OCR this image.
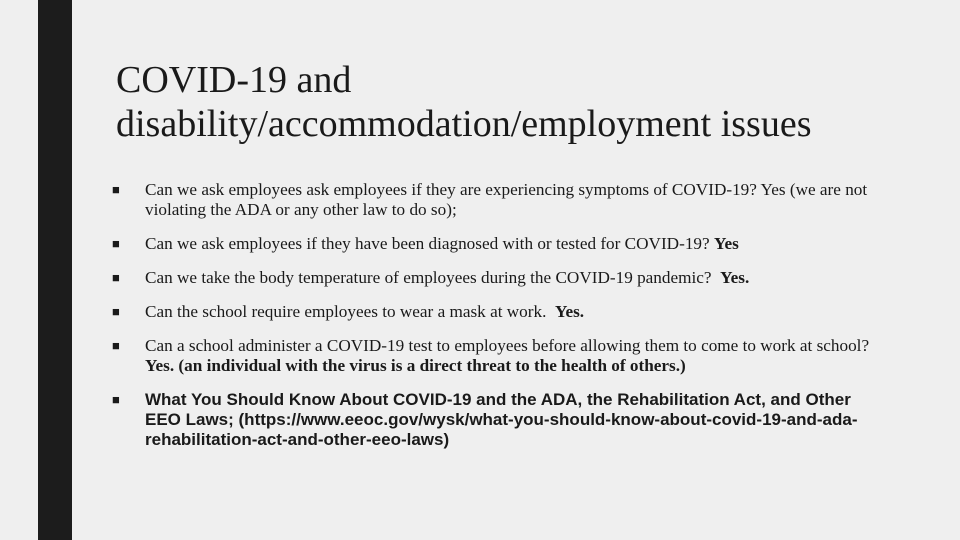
COVID-19 and
disability/accommodation/employment issues
■ Can we ask employees ask employees if they are experiencing symptoms of COVID-19? Yes (we are not violating the ADA or any other law to do so);
■ Can we ask employees if they have been diagnosed with or tested for COVID-19? Yes
■ Can we take the body temperature of employees during the COVID-19 pandemic? Yes.
■ Can the school require employees to wear a mask at work. Yes.
■ Can a school administer a COVID-19 test to employees before allowing them to come to work at school? Yes. (an individual with the virus is a direct threat to the health of others.)
■ What You Should Know About COVID-19 and the ADA, the Rehabilitation Act, and Other EEO Laws; (https://www.eeoc.gov/wysk/what-you-should-know-about-covid-19-and-ada-rehabilitation-act-and-other-eeo-laws)
